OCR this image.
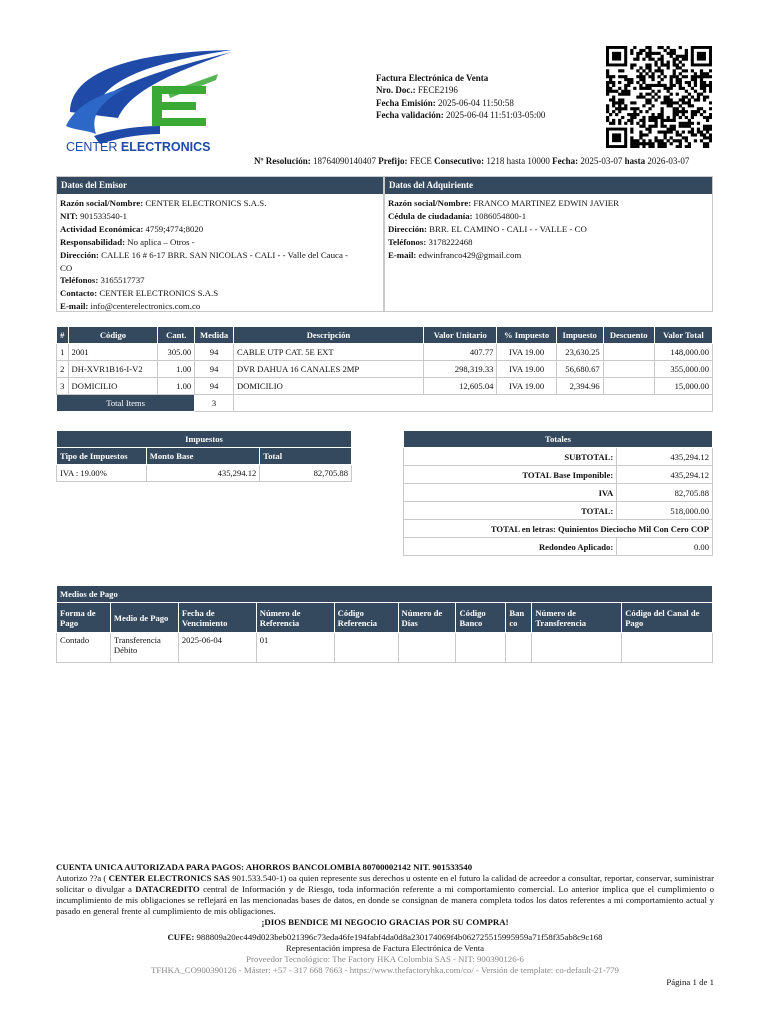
CENTER ELECTRONICS
Factura Electrónica de Venta
Nro. Doc.: FECE2196
Fecha Emisión: 2025-06-04 11:50:58
Fecha validación: 2025-06-04 11:51:03-05:00
Nº Resolución: 18764090140407 Prefijo: FECE Consecutivo: 1218 hasta 10000 Fecha: 2025-03-07 hasta 2026-03-07
Datos del Emisor
Razón social/Nombre: CENTER ELECTRONICS S.A.S.
NIT: 901533540-1
Actividad Económica: 4759;4774;8020
Responsabilidad: No aplica – Otros -
Dirección: CALLE 16 # 6-17 BRR. SAN NICOLAS - CALI - - Valle del Cauca -
CO
Teléfonos: 3165517737
Contacto: CENTER ELECTRONICS S.A.S
E-mail: info@centerelectronics.com.co
Datos del Adquiriente
Razón social/Nombre: FRANCO MARTINEZ EDWIN JAVIER
Cédula de ciudadanía: 1086054800-1
Dirección: BRR. EL CAMINO - CALI - - VALLE - CO
Teléfonos: 3178222468
E-mail: edwinfranco429@gmail.com
#	Código	Cant.	Medida	Descripción	Valor Unitario	% Impuesto	Impuesto	Descuento	Valor Total
1	2001	305.00	94	CABLE UTP CAT. 5E EXT	407.77	IVA 19.00	23,630.25		148,000.00
2	DH-XVR1B16-I-V2	1.00	94	DVR DAHUA 16 CANALES 2MP	298,319.33	IVA 19.00	56,680.67		355,000.00
3	DOMICILIO	1.00	94	DOMICILIO	12,605.04	IVA 19.00	2,394.96		15,000.00
Total Items			3						
Impuestos		
Tipo de Impuestos	Monto Base	Total
IVA : 19.00%	435,294.12	82,705.88
Totales	
SUBTOTAL:	435,294.12
TOTAL Base Imponible:	435,294.12
IVA	82,705.88
TOTAL:	518,000.00
TOTAL en letras: Quinientos Dieciocho Mil Con Cero COP	
Redondeo Aplicado:	0.00
Medios de Pago									
Forma de Pago	Medio de Pago	Fecha de Vencimiento	Número de Referencia	Código Referencia	Número de Días	Código Banco	Ban co	Número de Transferencia	Código del Canal de Pago
Contado	Transferencia Débito	2025-06-04	01						
CUENTA UNICA AUTORIZADA PARA PAGOS: AHORROS BANCOLOMBIA 80700002142 NIT. 901533540
Autorizo ??a ( CENTER ELECTRONICS SAS 901.533.540-1) oa quien represente sus derechos u ostente en el futuro la calidad de acreedor a consultar, reportar, conservar, suministrar solicitar o divulgar a DATACREDITO central de Información y de Riesgo, toda información referente a mi comportamiento comercial. Lo anterior implica que el cumplimiento o incumplimiento de mis obligaciones se reflejará en las mencionadas bases de datos, en donde se consignan de manera completa todos los datos referentes a mi comportamiento actual y pasado en general frente al cumplimiento de mis obligaciones.
¡DIOS BENDICE MI NEGOCIO GRACIAS POR SU COMPRA!
CUFE: 988809a20ec449d023beb021396c73eda46fe194fabf4da0d8a230174069f4b062725515995959a71f58f35ab8c9c168
Representación impresa de Factura Electrónica de Venta
Proveedor Tecnológico: The Factory HKA Colombia SAS - NIT: 900390126-6
TFHKA_CO900390126 - Máster: +57 - 317 668 7663 - https://www.thefactoryhka.com/co/ - Versión de template: co-default-21-779
Página 1 de 1
